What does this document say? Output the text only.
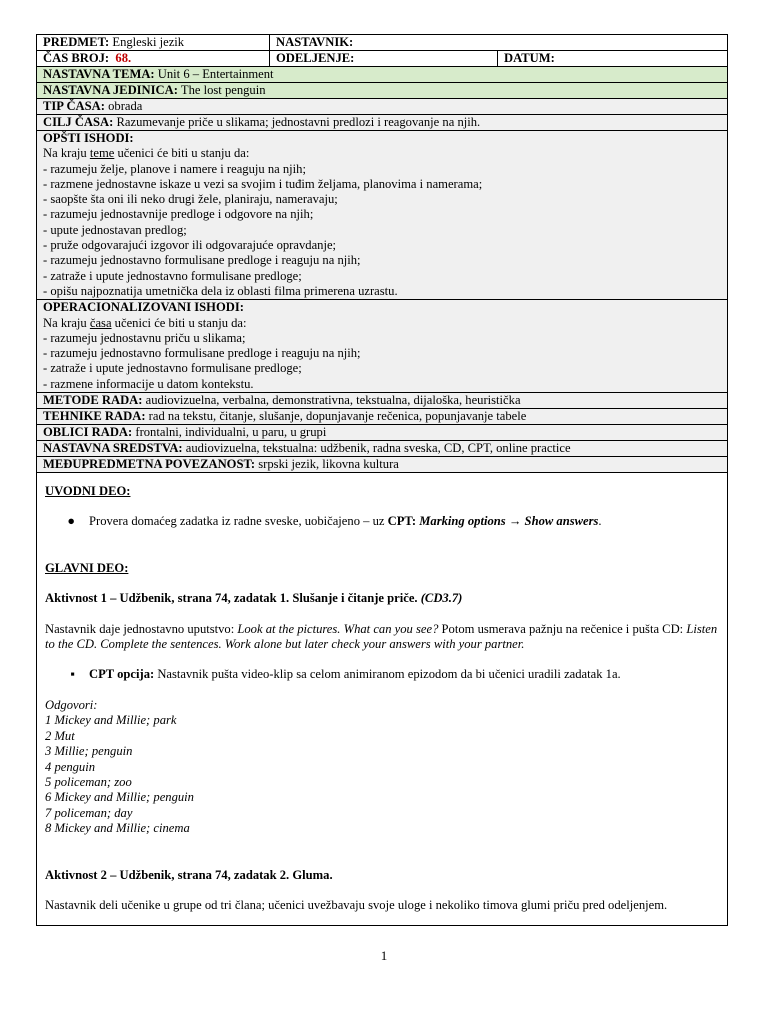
PREDMET: Engleski jezik	NASTAVNIK:
ČAS BROJ: 68.	ODELJENJE:	DATUM:
NASTAVNA TEMA: Unit 6 – Entertainment
NASTAVNA JEDINICA: The lost penguin
TIP ČASA: obrada
CILJ ČASA: Razumevanje priče u slikama; jednostavni predlozi i reagovanje na njih.
OPŠTI ISHODI:
Na kraju teme učenici će biti u stanju da:
- razumeju želje, planove i namere i reaguju na njih;
- razmene jednostavne iskaze u vezi sa svojim i tuđim željama, planovima i namerama;
- saopšte šta oni ili neko drugi žele, planiraju, nameravaju;
- razumeju jednostavnije predloge i odgovore na njih;
- upute jednostavan predlog;
- pruže odgovarajući izgovor ili odgovarajuće opravdanje;
- razumeju jednostavno formulisane predloge i reaguju na njih;
- zatraže i upute jednostavno formulisane predloge;
- opišu najpoznatija umetnička dela iz oblasti filma primerena uzrastu.
OPERACIONALIZOVANI ISHODI:
Na kraju časa učenici će biti u stanju da:
- razumeju jednostavnu priču u slikama;
- razumeju jednostavno formulisane predloge i reaguju na njih;
- zatraže i upute jednostavno formulisane predloge;
- razmene informacije u datom kontekstu.
METODE RADA: audiovizuelna, verbalna, demonstrativna, tekstualna, dijaloška, heuristička
TEHNIKE RADA: rad na tekstu, čitanje, slušanje, dopunjavanje rečenica, popunjavanje tabele
OBLICI RADA: frontalni, individualni, u paru, u grupi
NASTAVNA SREDSTVA: audiovizuelna, tekstualna: udžbenik, radna sveska, CD, CPT, online practice
MEĐUPREDMETNA POVEZANOST: srpski jezik, likovna kultura

UVODNI DEO:

●	Provera domaćeg zadatka iz radne sveske, uobičajeno – uz CPT: Marking options → Show answers.

GLAVNI DEO:

Aktivnost 1 – Udžbenik, strana 74, zadatak 1. Slušanje i čitanje priče. (CD3.7)

Nastavnik daje jednostavno uputstvo: Look at the pictures. What can you see? Potom usmerava pažnju na rečenice i pušta CD: Listen to the CD. Complete the sentences. Work alone but later check your answers with your partner.

▪	CPT opcija: Nastavnik pušta video-klip sa celom animiranom epizodom da bi učenici uradili zadatak 1a.

Odgovori:

1 Mickey and Millie; park

2 Mut

3 Millie; penguin

4 penguin

5 policeman; zoo

6 Mickey and Millie; penguin

7 policeman; day

8 Mickey and Millie; cinema

Aktivnost 2 – Udžbenik, strana 74, zadatak 2. Gluma.

Nastavnik deli učenike u grupe od tri člana; učenici uvežbavaju svoje uloge i nekoliko timova glumi priču pred odeljenjem.

1
